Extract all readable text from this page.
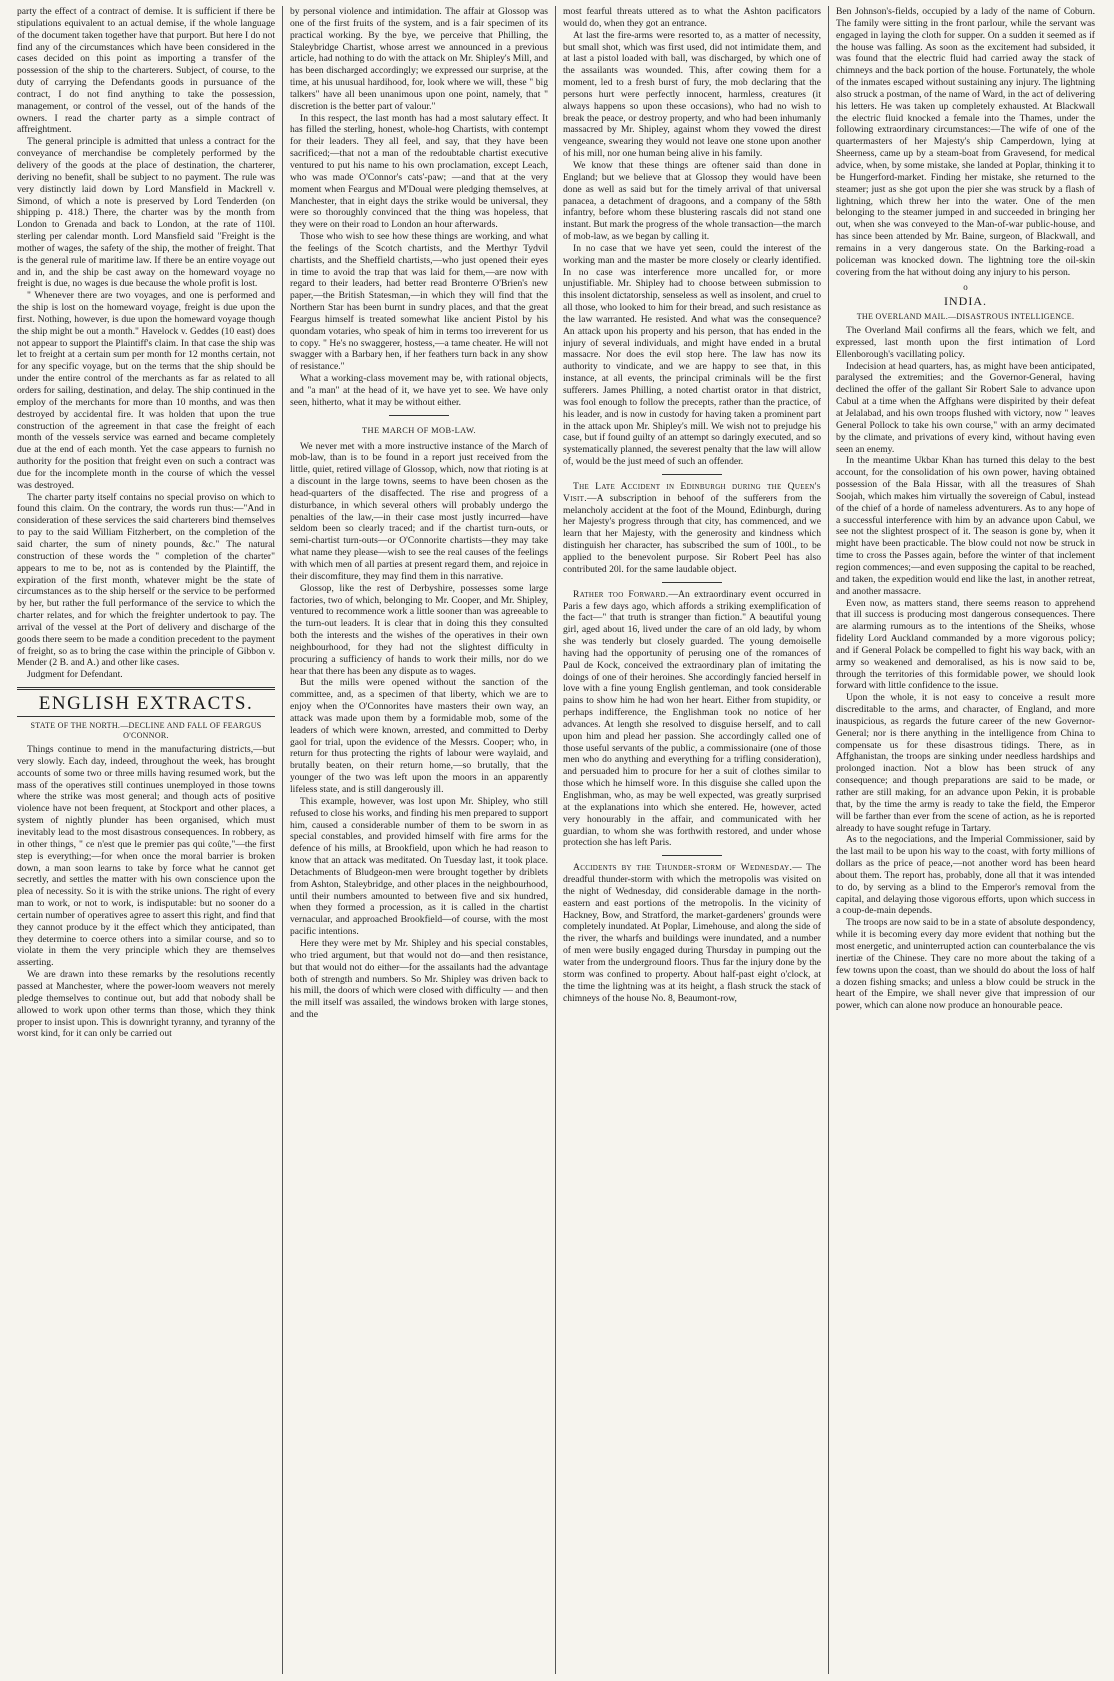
party the effect of a contract of demise. It is sufficient if there be stipulations equivalent to an actual demise, if the whole language of the document taken together have that purport. But here I do not find any of the circumstances which have been considered in the cases decided on this point as importing a transfer of the possession of the ship to the charterers. Subject, of course, to the duty of carrying the Defendants goods in pursuance of the contract, I do not find anything to take the possession, management, or control of the vessel, out of the hands of the owners. I read the charter party as a simple contract of affreightment.

The general principle is admitted that unless a contract for the conveyance of merchandise be completely performed by the delivery of the goods at the place of destination, the charterer, deriving no benefit, shall be subject to no payment. The rule was very distinctly laid down by Lord Mansfield in Mackrell v. Simond, of which a note is preserved by Lord Tenderden (on shipping p. 418.) There, the charter was by the month from London to Grenada and back to London, at the rate of 110l. sterling per calendar month. Lord Mansfield said "Freight is the mother of wages, the safety of the ship, the mother of freight. That is the general rule of maritime law. If there be an entire voyage out and in, and the ship be cast away on the homeward voyage no freight is due, no wages is due because the whole profit is lost.

" Whenever there are two voyages, and one is performed and the ship is lost on the homeward voyage, freight is due upon the first. Nothing, however, is due upon the homeward voyage though the ship might be out a month." Havelock v. Geddes (10 east) does not appear to support the Plaintiff's claim. In that case the ship was let to freight at a certain sum per month for 12 months certain, not for any specific voyage, but on the terms that the ship should be under the entire control of the merchants as far as related to all orders for sailing, destination, and delay. The ship continued in the employ of the merchants for more than 10 months, and was then destroyed by accidental fire. It was holden that upon the true construction of the agreement in that case the freight of each month of the vessels service was earned and became completely due at the end of each month. Yet the case appears to furnish no authority for the position that freight even on such a contract was due for the incomplete month in the course of which the vessel was destroyed.

The charter party itself contains no special proviso on which to found this claim. On the contrary, the words run thus:—"And in consideration of these services the said charterers bind themselves to pay to the said William Fitzherbert, on the completion of the said charter, the sum of ninety pounds, &c." The natural construction of these words the " completion of the charter" appears to me to be, not as is contended by the Plaintiff, the expiration of the first month, whatever might be the state of circumstances as to the ship herself or the service to be performed by her, but rather the full performance of the service to which the charter relates, and for which the freighter undertook to pay. The arrival of the vessel at the Port of delivery and discharge of the goods there seem to be made a condition precedent to the payment of freight, so as to bring the case within the principle of Gibbon v. Mender (2 B. and A.) and other like cases.

Judgment for Defendant.

ENGLISH EXTRACTS.
STATE OF THE NORTH.—DECLINE AND FALL OF FEARGUS O'CONNOR.

Things continue to mend in the manufacturing districts,—but very slowly. Each day, indeed, throughout the week, has brought accounts of some two or three mills having resumed work, but the mass of the operatives still continues unemployed in those towns where the strike was most general; and though acts of positive violence have not been frequent, at Stockport and other places, a system of nightly plunder has been organised, which must inevitably lead to the most disastrous consequences. In robbery, as in other things, " ce n'est que le premier pas qui coûte,"—the first step is everything;—for when once the moral barrier is broken down, a man soon learns to take by force what he cannot get secretly, and settles the matter with his own conscience upon the plea of necessity. So it is with the strike unions. The right of every man to work, or not to work, is indisputable: but no sooner do a certain number of operatives agree to assert this right, and find that they cannot produce by it the effect which they anticipated, than they determine to coerce others into a similar course, and so to violate in them the very principle which they are themselves asserting.

We are drawn into these remarks by the resolutions recently passed at Manchester, where the power-loom weavers not merely pledge themselves to continue out, but add that nobody shall be allowed to work upon other terms than those, which they think proper to insist upon. This is downright tyranny, and tyranny of the worst kind, for it can only be carried out

by personal violence and intimidation. The affair at Glossop was one of the first fruits of the system, and is a fair specimen of its practical working. By the bye, we perceive that Philling, the Staleybridge Chartist, whose arrest we announced in a previous article, had nothing to do with the attack on Mr. Shipley's Mill, and has been discharged accordingly; we expressed our surprise, at the time, at his unusual hardihood, for, look where we will, these " big talkers" have all been unanimous upon one point, namely, that " discretion is the better part of valour."

In this respect, the last month has had a most salutary effect. It has filled the sterling, honest, whole-hog Chartists, with contempt for their leaders. They all feel, and say, that they have been sacrificed;—that not a man of the redoubtable chartist executive ventured to put his name to his own proclamation, except Leach, who was made O'Connor's cats'-paw; —and that at the very moment when Feargus and M'Doual were pledging themselves, at Manchester, that in eight days the strike would be universal, they were so thoroughly convinced that the thing was hopeless, that they were on their road to London an hour afterwards.

Those who wish to see how these things are working, and what the feelings of the Scotch chartists, and the Merthyr Tydvil chartists, and the Sheffield chartists,—who just opened their eyes in time to avoid the trap that was laid for them,—are now with regard to their leaders, had better read Bronterre O'Brien's new paper,—the British Statesman,—in which they will find that the Northern Star has been burnt in sundry places, and that the great Feargus himself is treated somewhat like ancient Pistol by his quondam votaries, who speak of him in terms too irreverent for us to copy. " He's no swaggerer, hostess,—a tame cheater. He will not swagger with a Barbary hen, if her feathers turn back in any show of resistance."

What a working-class movement may be, with rational objects, and "a man" at the head of it, we have yet to see. We have only seen, hitherto, what it may be without either.

THE MARCH OF MOB-LAW.

We never met with a more instructive instance of the March of mob-law, than is to be found in a report just received from the little, quiet, retired village of Glossop, which, now that rioting is at a discount in the large towns, seems to have been chosen as the head-quarters of the disaffected. The rise and progress of a disturbance, in which several others will probably undergo the penalties of the law,—in their case most justly incurred—have seldom been so clearly traced; and if the chartist turn-outs, or semi-chartist turn-outs—or O'Connorite chartists—they may take what name they please—wish to see the real causes of the feelings with which men of all parties at present regard them, and rejoice in their discomfiture, they may find them in this narrative.

Glossop, like the rest of Derbyshire, possesses some large factories, two of which, belonging to Mr. Cooper, and Mr. Shipley, ventured to recommence work a little sooner than was agreeable to the turn-out leaders. It is clear that in doing this they consulted both the interests and the wishes of the operatives in their own neighbourhood, for they had not the slightest difficulty in procuring a sufficiency of hands to work their mills, nor do we hear that there has been any dispute as to wages.

But the mills were opened without the sanction of the committee, and, as a specimen of that liberty, which we are to enjoy when the O'Connorites have masters their own way, an attack was made upon them by a formidable mob, some of the leaders of which were known, arrested, and committed to Derby gaol for trial, upon the evidence of the Messrs. Cooper; who, in return for thus protecting the rights of labour were waylaid, and brutally beaten, on their return home,—so brutally, that the younger of the two was left upon the moors in an apparently lifeless state, and is still dangerously ill.

This example, however, was lost upon Mr. Shipley, who still refused to close his works, and finding his men prepared to support him, caused a considerable number of them to be sworn in as special constables, and provided himself with fire arms for the defence of his mills, at Brookfield, upon which he had reason to know that an attack was meditated. On Tuesday last, it took place. Detachments of Bludgeon-men were brought together by driblets from Ashton, Staleybridge, and other places in the neighbourhood, until their numbers amounted to between five and six hundred, when they formed a procession, as it is called in the chartist vernacular, and approached Brookfield—of course, with the most pacific intentions.

Here they were met by Mr. Shipley and his special constables, who tried argument, but that would not do—and then resistance, but that would not do either—for the assailants had the advantage both of strength and numbers. So Mr. Shipley was driven back to his mill, the doors of which were closed with difficulty — and then the mill itself was assailed, the windows broken with large stones, and the

most fearful threats uttered as to what the Ashton pacificators would do, when they got an entrance.

At last the fire-arms were resorted to, as a matter of necessity, but small shot, which was first used, did not intimidate them, and at last a pistol loaded with ball, was discharged, by which one of the assailants was wounded. This, after cowing them for a moment, led to a fresh burst of fury, the mob declaring that the persons hurt were perfectly innocent, harmless, creatures (it always happens so upon these occasions), who had no wish to break the peace, or destroy property, and who had been inhumanly massacred by Mr. Shipley, against whom they vowed the direst vengeance, swearing they would not leave one stone upon another of his mill, nor one human being alive in his family.

We know that these things are oftener said than done in England; but we believe that at Glossop they would have been done as well as said but for the timely arrival of that universal panacea, a detachment of dragoons, and a company of the 58th infantry, before whom these blustering rascals did not stand one instant. But mark the progress of the whole transaction—the march of mob-law, as we began by calling it.

In no case that we have yet seen, could the interest of the working man and the master be more closely or clearly identified. In no case was interference more uncalled for, or more unjustifiable. Mr. Shipley had to choose between submission to this insolent dictatorship, senseless as well as insolent, and cruel to all those, who looked to him for their bread, and such resistance as the law warranted. He resisted. And what was the consequence? An attack upon his property and his person, that has ended in the injury of several individuals, and might have ended in a brutal massacre. Nor does the evil stop here. The law has now its authority to vindicate, and we are happy to see that, in this instance, at all events, the principal criminals will be the first sufferers. James Philling, a noted chartist orator in that district, was fool enough to follow the precepts, rather than the practice, of his leader, and is now in custody for having taken a prominent part in the attack upon Mr. Shipley's mill. We wish not to prejudge his case, but if found guilty of an attempt so daringly executed, and so systematically planned, the severest penalty that the law will allow of, would be the just meed of such an offender.

The Late Accident in Edinburgh during the Queen's Visit.—A subscription in behoof of the sufferers from the melancholy accident at the foot of the Mound, Edinburgh, during her Majesty's progress through that city, has commenced, and we learn that her Majesty, with the generosity and kindness which distinguish her character, has subscribed the sum of 100l., to be applied to the benevolent purpose. Sir Robert Peel has also contributed 20l. for the same laudable object.

Rather too Forward.—An extraordinary event occurred in Paris a few days ago, which affords a striking exemplification of the fact—" that truth is stranger than fiction." A beautiful young girl, aged about 16, lived under the care of an old lady, by whom she was tenderly but closely guarded. The young demoiselle having had the opportunity of perusing one of the romances of Paul de Kock, conceived the extraordinary plan of imitating the doings of one of their heroines. She accordingly fancied herself in love with a fine young English gentleman, and took considerable pains to show him he had won her heart. Either from stupidity, or perhaps indifference, the Englishman took no notice of her advances. At length she resolved to disguise herself, and to call upon him and plead her passion. She accordingly called one of those useful servants of the public, a commissionaire (one of those men who do anything and everything for a trifling consideration), and persuaded him to procure for her a suit of clothes similar to those which he himself wore. In this disguise she called upon the Englishman, who, as may be well expected, was greatly surprised at the explanations into which she entered. He, however, acted very honourably in the affair, and communicated with her guardian, to whom she was forthwith restored, and under whose protection she has left Paris.

Accidents by the Thunder-storm of Wednesday.— The dreadful thunder-storm with which the metropolis was visited on the night of Wednesday, did considerable damage in the north-eastern and east portions of the metropolis. In the vicinity of Hackney, Bow, and Stratford, the market-gardeners' grounds were completely inundated. At Poplar, Limehouse, and along the side of the river, the wharfs and buildings were inundated, and a number of men were busily engaged during Thursday in pumping out the water from the underground floors. Thus far the injury done by the storm was confined to property. About half-past eight o'clock, at the time the lightning was at its height, a flash struck the stack of chimneys of the house No. 8, Beaumont-row,

Ben Johnson's-fields, occupied by a lady of the name of Coburn. The family were sitting in the front parlour, while the servant was engaged in laying the cloth for supper. On a sudden it seemed as if the house was falling. As soon as the excitement had subsided, it was found that the electric fluid had carried away the stack of chimneys and the back portion of the house. Fortunately, the whole of the inmates escaped without sustaining any injury. The lightning also struck a postman, of the name of Ward, in the act of delivering his letters. He was taken up completely exhausted. At Blackwall the electric fluid knocked a female into the Thames, under the following extraordinary circumstances:—The wife of one of the quartermasters of her Majesty's ship Camperdown, lying at Sheerness, came up by a steam-boat from Gravesend, for medical advice, when, by some mistake, she landed at Poplar, thinking it to be Hungerford-market. Finding her mistake, she returned to the steamer; just as she got upon the pier she was struck by a flash of lightning, which threw her into the water. One of the men belonging to the steamer jumped in and succeeded in bringing her out, when she was conveyed to the Man-of-war public-house, and has since been attended by Mr. Baine, surgeon, of Blackwall, and remains in a very dangerous state. On the Barking-road a policeman was knocked down. The lightning tore the oil-skin covering from the hat without doing any injury to his person.

o
INDIA.
THE OVERLAND MAIL.—DISASTROUS INTELLIGENCE.

The Overland Mail confirms all the fears, which we felt, and expressed, last month upon the first intimation of Lord Ellenborough's vacillating policy.

Indecision at head quarters, has, as might have been anticipated, paralysed the extremities; and the Governor-General, having declined the offer of the gallant Sir Robert Sale to advance upon Cabul at a time when the Affghans were dispirited by their defeat at Jelalabad, and his own troops flushed with victory, now " leaves General Pollock to take his own course," with an army decimated by the climate, and privations of every kind, without having even seen an enemy.

In the meantime Ukbar Khan has turned this delay to the best account, for the consolidation of his own power, having obtained possession of the Bala Hissar, with all the treasures of Shah Soojah, which makes him virtually the sovereign of Cabul, instead of the chief of a horde of nameless adventurers. As to any hope of a successful interference with him by an advance upon Cabul, we see not the slightest prospect of it. The season is gone by, when it might have been practicable. The blow could not now be struck in time to cross the Passes again, before the winter of that inclement region commences;—and even supposing the capital to be reached, and taken, the expedition would end like the last, in another retreat, and another massacre.

Even now, as matters stand, there seems reason to apprehend that ill success is producing most dangerous consequences. There are alarming rumours as to the intentions of the Sheiks, whose fidelity Lord Auckland commanded by a more vigorous policy; and if General Polack be compelled to fight his way back, with an army so weakened and demoralised, as his is now said to be, through the territories of this formidable power, we should look forward with little confidence to the issue.

Upon the whole, it is not easy to conceive a result more discreditable to the arms, and character, of England, and more inauspicious, as regards the future career of the new Governor-General; nor is there anything in the intelligence from China to compensate us for these disastrous tidings. There, as in Affghanistan, the troops are sinking under needless hardships and prolonged inaction. Not a blow has been struck of any consequence; and though preparations are said to be made, or rather are still making, for an advance upon Pekin, it is probable that, by the time the army is ready to take the field, the Emperor will be farther than ever from the scene of action, as he is reported already to have sought refuge in Tartary.

As to the negociations, and the Imperial Commissioner, said by the last mail to be upon his way to the coast, with forty millions of dollars as the price of peace,—not another word has been heard about them. The report has, probably, done all that it was intended to do, by serving as a blind to the Emperor's removal from the capital, and delaying those vigorous efforts, upon which success in a coup-de-main depends.

The troops are now said to be in a state of absolute despondency, while it is becoming every day more evident that nothing but the most energetic, and uninterrupted action can counterbalance the vis inertiæ of the Chinese. They care no more about the taking of a few towns upon the coast, than we should do about the loss of half a dozen fishing smacks; and unless a blow could be struck in the heart of the Empire, we shall never give that impression of our power, which can alone now produce an honourable peace.
